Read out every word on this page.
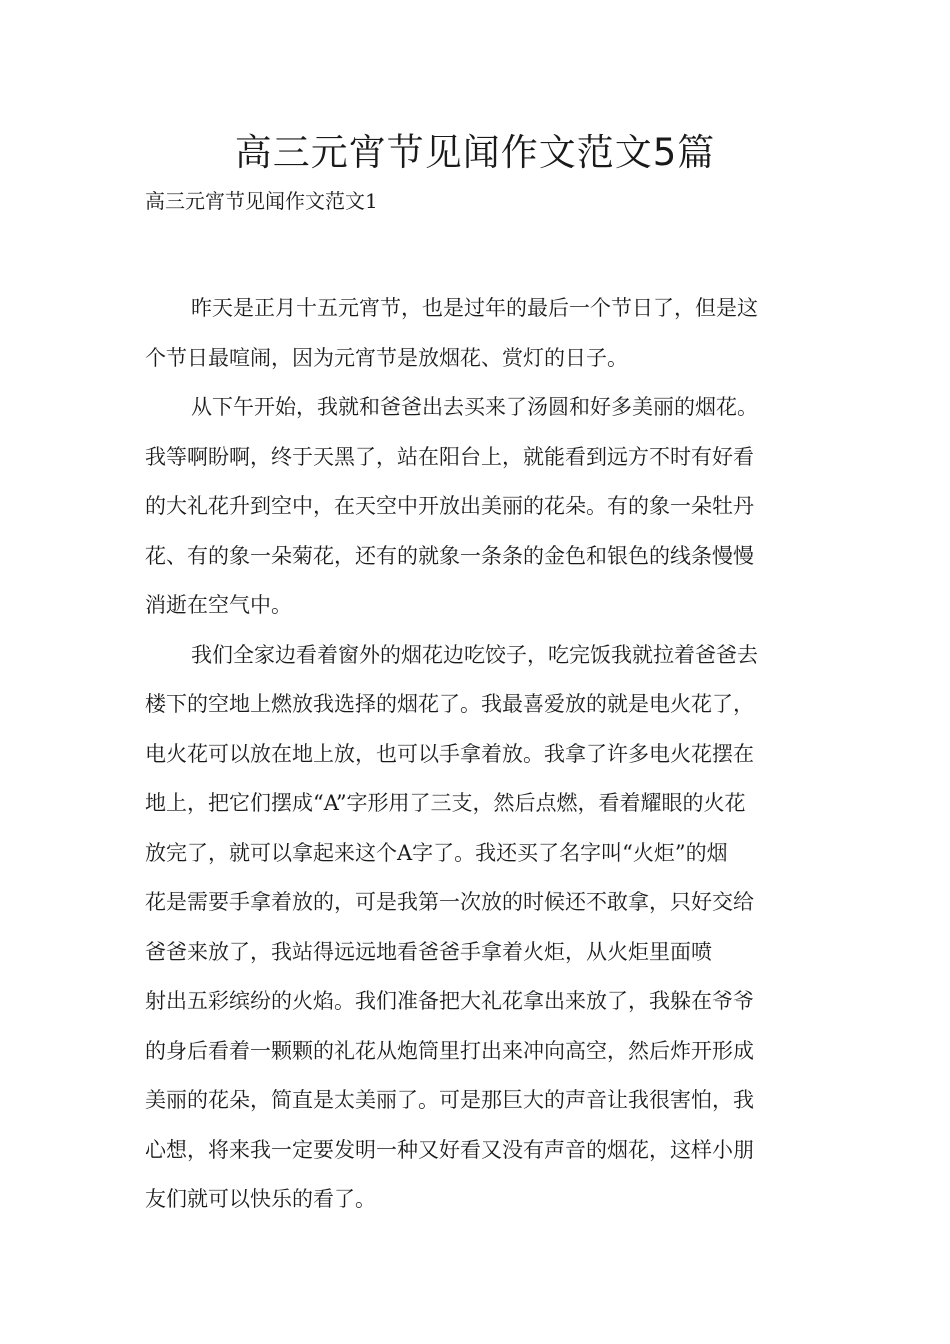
高三元宵节见闻作文范文5篇

高三元宵节见闻作文范文1

昨天是正月十五元宵节，也是过年的最后一个节日了，但是这
个节日最喧闹，因为元宵节是放烟花、赏灯的日子。
从下午开始，我就和爸爸出去买来了汤圆和好多美丽的烟花。
我等啊盼啊，终于天黑了，站在阳台上，就能看到远方不时有好看
的大礼花升到空中，在天空中开放出美丽的花朵。有的象一朵牡丹
花、有的象一朵菊花，还有的就象一条条的金色和银色的线条慢慢
消逝在空气中。
我们全家边看着窗外的烟花边吃饺子，吃完饭我就拉着爸爸去
楼下的空地上燃放我选择的烟花了。我最喜爱放的就是电火花了，
电火花可以放在地上放，也可以手拿着放。我拿了许多电火花摆在
地上，把它们摆成“A”字形用了三支，然后点燃，看着耀眼的火花
放完了，就可以拿起来这个A字了。我还买了名字叫“火炬”的烟
花是需要手拿着放的，可是我第一次放的时候还不敢拿，只好交给
爸爸来放了，我站得远远地看爸爸手拿着火炬，从火炬里面喷
射出五彩缤纷的火焰。我们准备把大礼花拿出来放了，我躲在爷爷
的身后看着一颗颗的礼花从炮筒里打出来冲向高空，然后炸开形成
美丽的花朵，简直是太美丽了。可是那巨大的声音让我很害怕，我
心想，将来我一定要发明一种又好看又没有声音的烟花，这样小朋
友们就可以快乐的看了。
